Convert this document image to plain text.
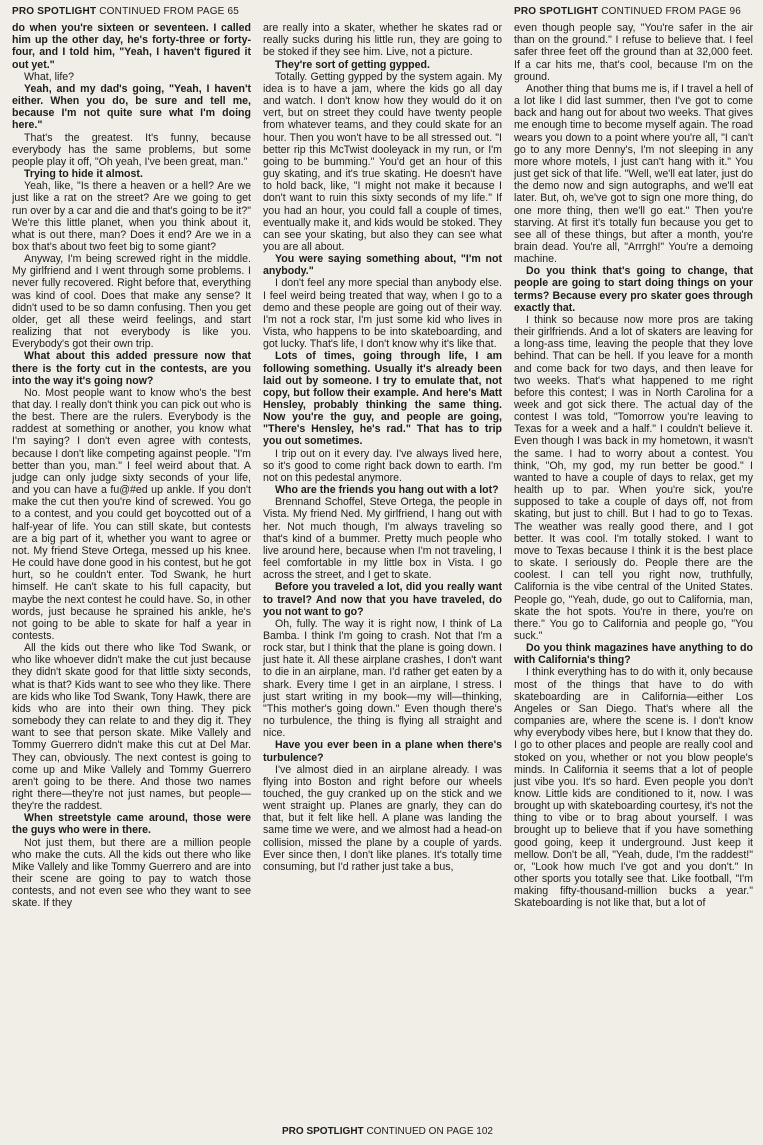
PRO SPOTLIGHT CONTINUED FROM PAGE 65

do when you're sixteen or seventeen. I called him up the other day, he's forty-three or forty-four, and I told him, "Yeah, I haven't figured it out yet."

What, life?

Yeah, and my dad's going, "Yeah, I haven't either. When you do, be sure and tell me, because I'm not quite sure what I'm doing here."

That's the greatest. It's funny, because everybody has the same problems, but some people play it off, "Oh yeah, I've been great, man."

Trying to hide it almost.

Yeah, like, "Is there a heaven or a hell? Are we just like a rat on the street? Are we going to get run over by a car and die and that's going to be it?" We're this little planet, when you think about it, what is out there, man? Does it end? Are we in a box that's about two feet big to some giant?

Anyway, I'm being screwed right in the middle. My girlfriend and I went through some problems. I never fully recovered. Right before that, everything was kind of cool. Does that make any sense? It didn't used to be so damn confusing. Then you get older, get all these weird feelings, and start realizing that not everybody is like you. Everybody's got their own trip.

What about this added pressure now that there is the forty cut in the contests, are you into the way it's going now?

No. Most people want to know who's the best that day. I really don't think you can pick out who is the best. There are the rulers. Everybody is the raddest at something or another, you know what I'm saying? I don't even agree with contests, because I don't like competing against people. "I'm better than you, man." I feel weird about that. A judge can only judge sixty seconds of your life, and you can have a fu@#ed up ankle. If you don't make the cut then you're kind of screwed. You go to a contest, and you could get boycotted out of a half-year of life. You can still skate, but contests are a big part of it, whether you want to agree or not. My friend Steve Ortega, messed up his knee. He could have done good in his contest, but he got hurt, so he couldn't enter. Tod Swank, he hurt himself. He can't skate to his full capacity, but maybe the next contest he could have. So, in other words, just because he sprained his ankle, he's not going to be able to skate for half a year in contests.

All the kids out there who like Tod Swank, or who like whoever didn't make the cut just because they didn't skate good for that little sixty seconds, what is that? Kids want to see who they like. There are kids who like Tod Swank, Tony Hawk, there are kids who are into their own thing. They pick somebody they can relate to and they dig it. They want to see that person skate. Mike Vallely and Tommy Guerrero didn't make this cut at Del Mar. They can, obviously. The next contest is going to come up and Mike Vallely and Tommy Guerrero aren't going to be there. And those two names right there—they're not just names, but people—they're the raddest.

When streetstyle came around, those were the guys who were in there.

Not just them, but there are a million people who make the cuts. All the kids out there who like Mike Vallely and like Tommy Guerrero and are into their scene are going to pay to watch those contests, and not even see who they want to see skate. If they

are really into a skater, whether he skates rad or really sucks during his little run, they are going to be stoked if they see him. Live, not a picture.

They're sort of getting gypped.

Totally. Getting gypped by the system again. My idea is to have a jam, where the kids go all day and watch. I don't know how they would do it on vert, but on street they could have twenty people from whatever teams, and they could skate for an hour. Then you won't have to be all stressed out. "I better rip this McTwist dooleyack in my run, or I'm going to be bumming." You'd get an hour of this guy skating, and it's true skating. He doesn't have to hold back, like, "I might not make it because I don't want to ruin this sixty seconds of my life." If you had an hour, you could fall a couple of times, eventually make it, and kids would be stoked. They can see your skating, but also they can see what you are all about.

You were saying something about, "I'm not anybody."

I don't feel any more special than anybody else. I feel weird being treated that way, when I go to a demo and these people are going out of their way. I'm not a rock star, I'm just some kid who lives in Vista, who happens to be into skateboarding, and got lucky. That's life, I don't know why it's like that.

Lots of times, going through life, I am following something. Usually it's already been laid out by someone. I try to emulate that, not copy, but follow their example. And here's Matt Hensley, probably thinking the same thing. Now you're the guy, and people are going, "There's Hensley, he's rad." That has to trip you out sometimes.

I trip out on it every day. I've always lived here, so it's good to come right back down to earth. I'm not on this pedestal anymore.

Who are the friends you hang out with a lot?

Brennand Schoffel, Steve Ortega, the people in Vista. My friend Ned. My girlfriend, I hang out with her. Not much though, I'm always traveling so that's kind of a bummer. Pretty much people who live around here, because when I'm not traveling, I feel comfortable in my little box in Vista. I go across the street, and I get to skate.

Before you traveled a lot, did you really want to travel? And now that you have traveled, do you not want to go?

Oh, fully. The way it is right now, I think of La Bamba. I think I'm going to crash. Not that I'm a rock star, but I think that the plane is going down. I just hate it. All these airplane crashes, I don't want to die in an airplane, man. I'd rather get eaten by a shark. Every time I get in an airplane, I stress. I just start writing in my book—my will—thinking, "This mother's going down." Even though there's no turbulence, the thing is flying all straight and nice.

Have you ever been in a plane when there's turbulence?

I've almost died in an airplane already. I was flying into Boston and right before our wheels touched, the guy cranked up on the stick and we went straight up. Planes are gnarly, they can do that, but it felt like hell. A plane was landing the same time we were, and we almost had a head-on collision, missed the plane by a couple of yards. Ever since then, I don't like planes. It's totally time consuming, but I'd rather just take a bus,

PRO SPOTLIGHT CONTINUED FROM PAGE 96

even though people say, "You're safer in the air than on the ground." I refuse to believe that. I feel safer three feet off the ground than at 32,000 feet. If a car hits me, that's cool, because I'm on the ground.

Another thing that bums me is, if I travel a hell of a lot like I did last summer, then I've got to come back and hang out for about two weeks. That gives me enough time to become myself again. The road wears you down to a point where you're all, "I can't go to any more Denny's, I'm not sleeping in any more whore motels, I just can't hang with it." You just get sick of that life. "Well, we'll eat later, just do the demo now and sign autographs, and we'll eat later. But, oh, we've got to sign one more thing, do one more thing, then we'll go eat." Then you're starving. At first it's totally fun because you get to see all of these things, but after a month, you're brain dead. You're all, "Arrrgh!" You're a demoing machine.

Do you think that's going to change, that people are going to start doing things on your terms? Because every pro skater goes through exactly that.

I think so because now more pros are taking their girlfriends. And a lot of skaters are leaving for a long-ass time, leaving the people that they love behind. That can be hell. If you leave for a month and come back for two days, and then leave for two weeks. That's what happened to me right before this contest; I was in North Carolina for a week and got sick there. The actual day of the contest I was told, "Tomorrow you're leaving to Texas for a week and a half." I couldn't believe it. Even though I was back in my hometown, it wasn't the same. I had to worry about a contest. You think, "Oh, my god, my run better be good." I wanted to have a couple of days to relax, get my health up to par. When you're sick, you're supposed to take a couple of days off, not from skating, but just to chill. But I had to go to Texas. The weather was really good there, and I got better. It was cool. I'm totally stoked. I want to move to Texas because I think it is the best place to skate. I seriously do. People there are the coolest. I can tell you right now, truthfully, California is the vibe central of the United States. People go, "Yeah, dude, go out to California, man, skate the hot spots. You're in there, you're on there." You go to California and people go, "You suck."

Do you think magazines have anything to do with California's thing?

I think everything has to do with it, only because most of the things that have to do with skateboarding are in California—either Los Angeles or San Diego. That's where all the companies are, where the scene is. I don't know why everybody vibes here, but I know that they do. I go to other places and people are really cool and stoked on you, whether or not you blow people's minds. In California it seems that a lot of people just vibe you. It's so hard. Even people you don't know. Little kids are conditioned to it, now. I was brought up with skateboarding courtesy, it's not the thing to vibe or to brag about yourself. I was brought up to believe that if you have something good going, keep it underground. Just keep it mellow. Don't be all, "Yeah, dude, I'm the raddest!" or, "Look how much I've got and you don't." In other sports you totally see that. Like football, "I'm making fifty-thousand-million bucks a year." Skateboarding is not like that, but a lot of

PRO SPOTLIGHT CONTINUED ON PAGE 102
